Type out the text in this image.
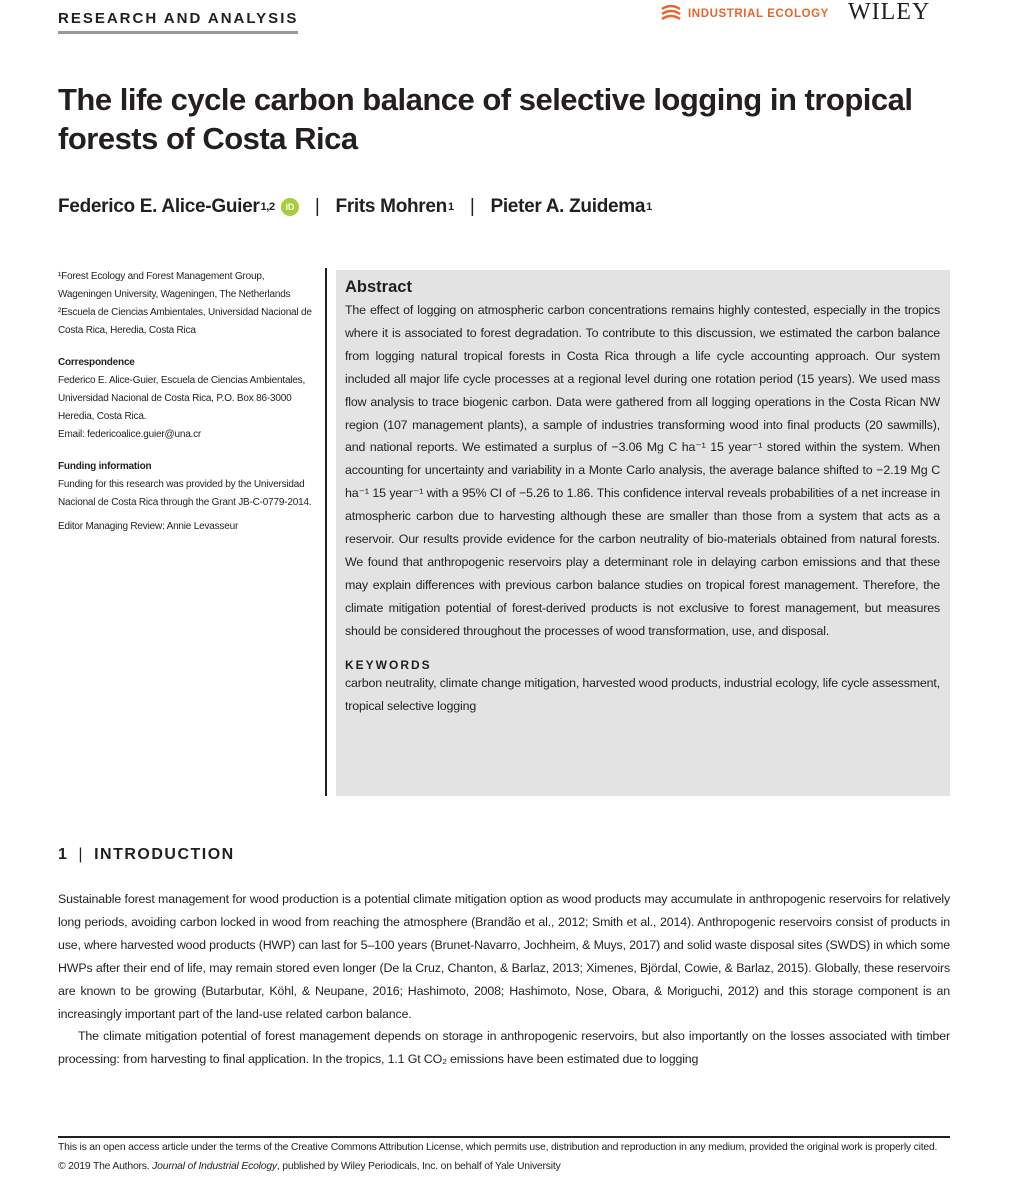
RESEARCH AND ANALYSIS	INDUSTRIAL ECOLOGY WILEY
The life cycle carbon balance of selective logging in tropical forests of Costa Rica
Federico E. Alice-Guier 1,2	iD | Frits Mohren 1 | Pieter A. Zuidema 1

¹Forest Ecology and Forest Management Group, Wageningen University, Wageningen, The Netherlands

²Escuela de Ciencias Ambientales, Universidad Nacional de Costa Rica, Heredia, Costa Rica

Correspondence

Federico E. Alice-Guier, Escuela de Ciencias Ambientales, Universidad Nacional de Costa Rica, P.O. Box 86-3000 Heredia, Costa Rica.

Email: federicoalice.guier@una.cr

Funding information

Funding for this research was provided by the Universidad Nacional de Costa Rica through the Grant JB-C-0779-2014.

Editor Managing Review: Annie Levasseur

Abstract

The effect of logging on atmospheric carbon concentrations remains highly contested, especially in the tropics where it is associated to forest degradation. To contribute to this discussion, we estimated the carbon balance from logging natural tropical forests in Costa Rica through a life cycle accounting approach. Our system included all major life cycle processes at a regional level during one rotation period (15 years). We used mass flow analysis to trace biogenic carbon. Data were gathered from all logging operations in the Costa Rican NW region (107 management plants), a sample of industries transforming wood into final products (20 sawmills), and national reports. We estimated a surplus of −3.06 Mg C ha⁻¹ 15 year⁻¹ stored within the system. When accounting for uncertainty and variability in a Monte Carlo analysis, the average balance shifted to −2.19 Mg C ha⁻¹ 15 year⁻¹ with a 95% CI of −5.26 to 1.86. This confidence interval reveals probabilities of a net increase in atmospheric carbon due to harvesting although these are smaller than those from a system that acts as a reservoir. Our results provide evidence for the carbon neutrality of bio-materials obtained from natural forests. We found that anthropogenic reservoirs play a determinant role in delaying carbon emissions and that these may explain differences with previous carbon balance studies on tropical forest management. Therefore, the climate mitigation potential of forest-derived products is not exclusive to forest management, but measures should be considered throughout the processes of wood transformation, use, and disposal.

KEYWORDS

carbon neutrality, climate change mitigation, harvested wood products, industrial ecology, life cycle assessment, tropical selective logging

1 | INTRODUCTION

Sustainable forest management for wood production is a potential climate mitigation option as wood products may accumulate in anthropogenic reservoirs for relatively long periods, avoiding carbon locked in wood from reaching the atmosphere (Brandão et al., 2012; Smith et al., 2014). Anthropogenic reservoirs consist of products in use, where harvested wood products (HWP) can last for 5–100 years (Brunet-Navarro, Jochheim, & Muys, 2017) and solid waste disposal sites (SWDS) in which some HWPs after their end of life, may remain stored even longer (De la Cruz, Chanton, & Barlaz, 2013; Ximenes, Björdal, Cowie, & Barlaz, 2015). Globally, these reservoirs are known to be growing (Butarbutar, Köhl, & Neupane, 2016; Hashimoto, 2008; Hashimoto, Nose, Obara, & Moriguchi, 2012) and this storage component is an increasingly important part of the land-use related carbon balance.

The climate mitigation potential of forest management depends on storage in anthropogenic reservoirs, but also importantly on the losses associated with timber processing: from harvesting to final application. In the tropics, 1.1 Gt CO₂ emissions have been estimated due to logging

This is an open access article under the terms of the Creative Commons Attribution License, which permits use, distribution and reproduction in any medium, provided the original work is properly cited.

© 2019 The Authors. Journal of Industrial Ecology, published by Wiley Periodicals, Inc. on behalf of Yale University
